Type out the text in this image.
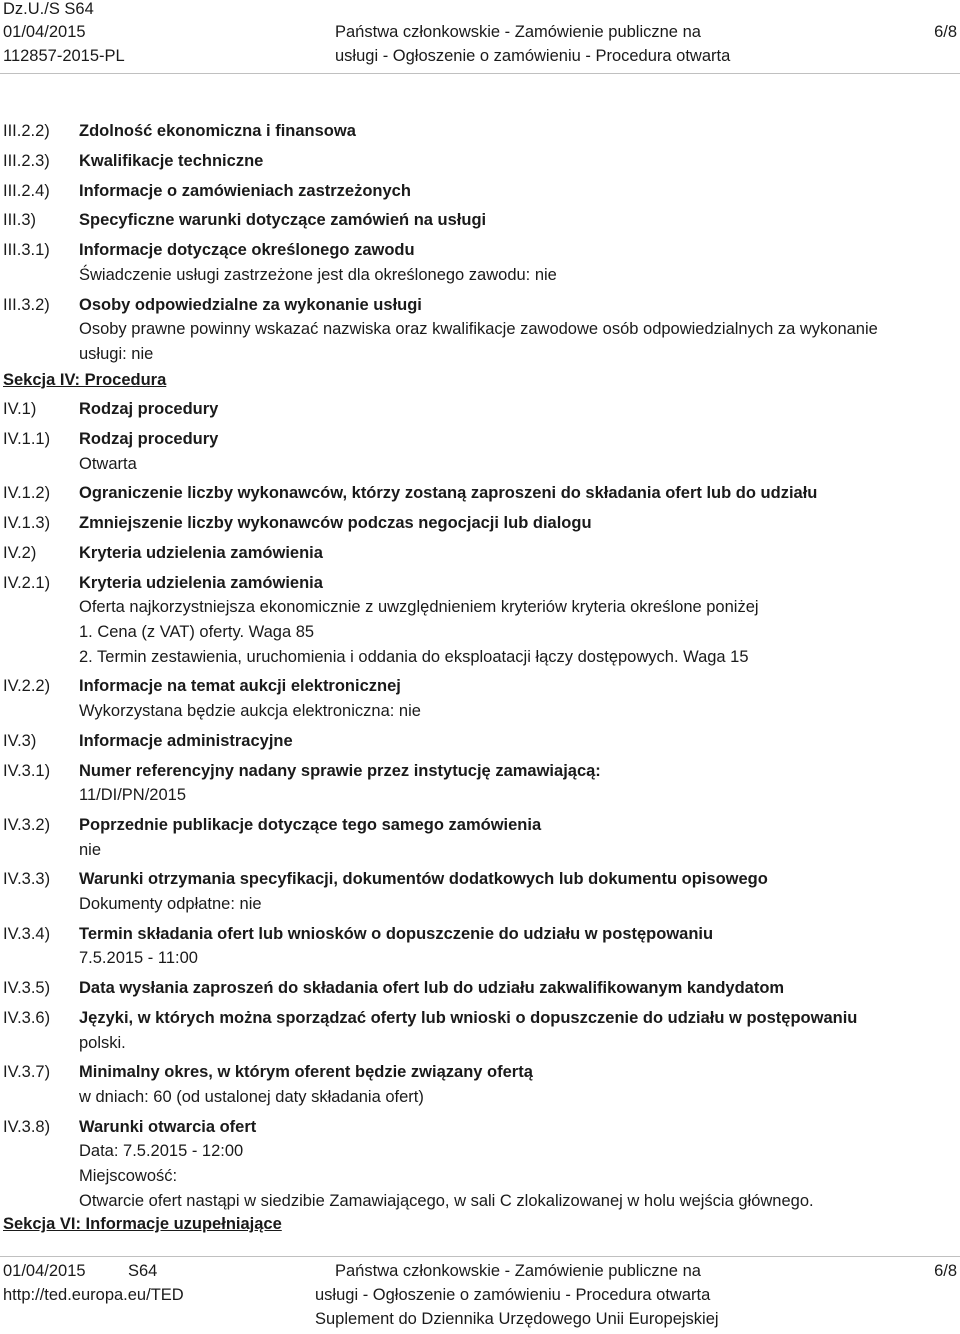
Dz.U./S S64
01/04/2015
112857-2015-PL
Państwa członkowskie - Zamówienie publiczne na
usługi - Ogłoszenie o zamówieniu - Procedura otwarta
6/8
III.2.2) Zdolność ekonomiczna i finansowa
III.2.3) Kwalifikacje techniczne
III.2.4) Informacje o zamówieniach zastrzeżonych
III.3)	Specyficzne warunki dotyczące zamówień na usługi
III.3.1) Informacje dotyczące określonego zawodu
Świadczenie usługi zastrzeżone jest dla określonego zawodu: nie
III.3.2) Osoby odpowiedzialne za wykonanie usługi
Osoby prawne powinny wskazać nazwiska oraz kwalifikacje zawodowe osób odpowiedzialnych za wykonanie
usługi: nie
Sekcja IV: Procedura
IV.1)	Rodzaj procedury
IV.1.1) Rodzaj procedury
Otwarta
IV.1.2) Ograniczenie liczby wykonawców, którzy zostaną zaproszeni do składania ofert lub do udziału
IV.1.3) Zmniejszenie liczby wykonawców podczas negocjacji lub dialogu
IV.2)	Kryteria udzielenia zamówienia
IV.2.1) Kryteria udzielenia zamówienia
Oferta najkorzystniejsza ekonomicznie z uwzględnieniem kryteriów kryteria określone poniżej
1. Cena (z VAT) oferty. Waga 85
2. Termin zestawienia, uruchomienia i oddania do eksploatacji łączy dostępowych. Waga 15
IV.2.2) Informacje na temat aukcji elektronicznej
Wykorzystana będzie aukcja elektroniczna: nie
IV.3)	Informacje administracyjne
IV.3.1) Numer referencyjny nadany sprawie przez instytucję zamawiającą:
11/DI/PN/2015
IV.3.2) Poprzednie publikacje dotyczące tego samego zamówienia
nie
IV.3.3) Warunki otrzymania specyfikacji, dokumentów dodatkowych lub dokumentu opisowego
Dokumenty odpłatne: nie
IV.3.4) Termin składania ofert lub wniosków o dopuszczenie do udziału w postępowaniu
7.5.2015 - 11:00
IV.3.5) Data wysłania zaproszeń do składania ofert lub do udziału zakwalifikowanym kandydatom
IV.3.6) Języki, w których można sporządzać oferty lub wnioski o dopuszczenie do udziału w postępowaniu
polski.
IV.3.7) Minimalny okres, w którym oferent będzie związany ofertą
w dniach: 60 (od ustalonej daty składania ofert)
IV.3.8) Warunki otwarcia ofert
Data: 7.5.2015 - 12:00
Miejscowość:
Otwarcie ofert nastąpi w siedzibie Zamawiającego, w sali C zlokalizowanej w holu wejścia głównego.
Sekcja VI: Informacje uzupełniające
01/04/2015	S64
http://ted.europa.eu/TED
Państwa członkowskie - Zamówienie publiczne na
usługi - Ogłoszenie o zamówieniu - Procedura otwarta
Suplement do Dziennika Urzędowego Unii Europejskiej
6/8
